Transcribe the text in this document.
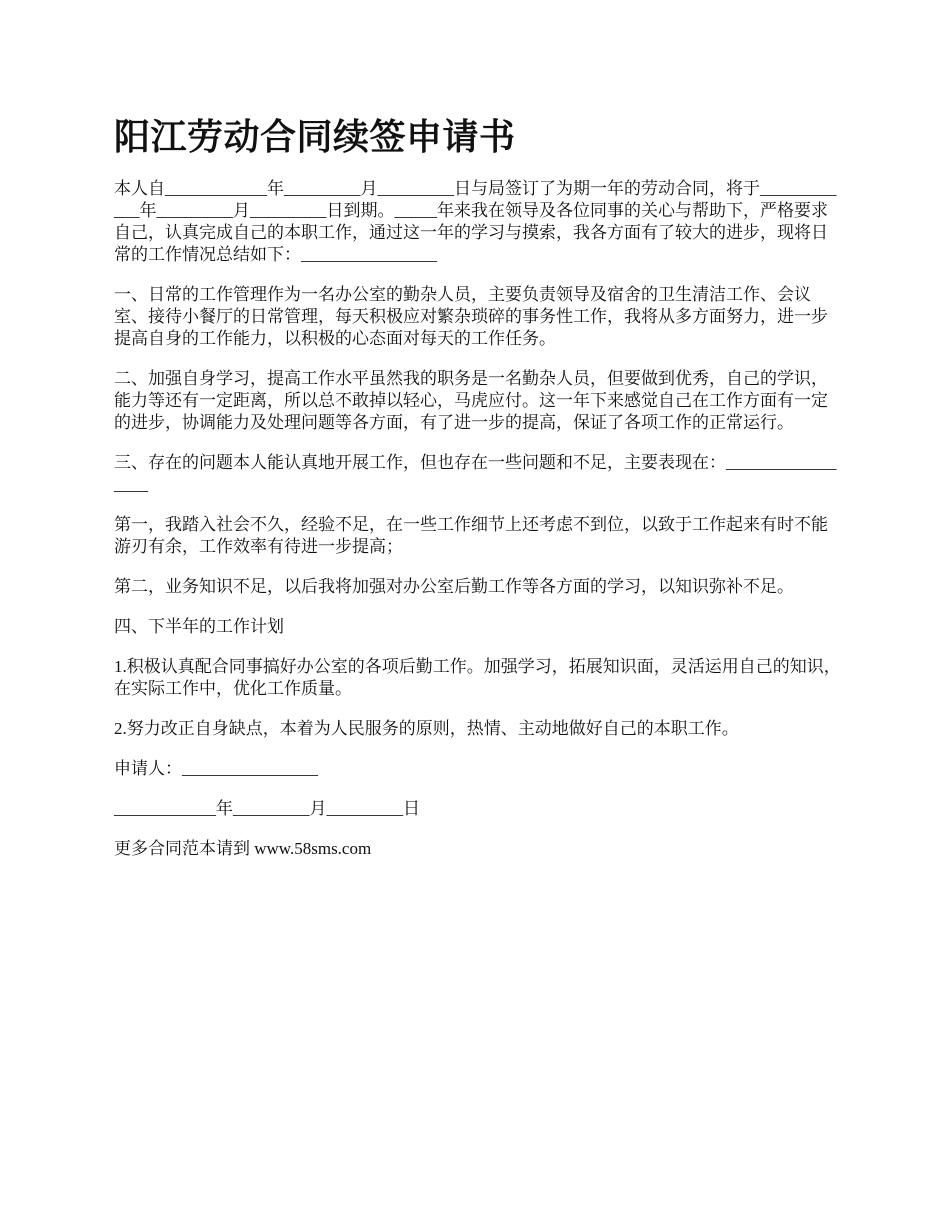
阳江劳动合同续签申请书

本人自____________年_________月_________日与局签订了为期一年的劳动合同，将于____________年_________月_________日到期。_____年来我在领导及各位同事的关心与帮助下，严格要求自己，认真完成自己的本职工作，通过这一年的学习与摸索，我各方面有了较大的进步，现将日常的工作情况总结如下：________________

一、日常的工作管理作为一名办公室的勤杂人员，主要负责领导及宿舍的卫生清洁工作、会议室、接待小餐厅的日常管理，每天积极应对繁杂琐碎的事务性工作，我将从多方面努力，进一步提高自身的工作能力，以积极的心态面对每天的工作任务。

二、加强自身学习，提高工作水平虽然我的职务是一名勤杂人员，但要做到优秀，自己的学识，能力等还有一定距离，所以总不敢掉以轻心，马虎应付。这一年下来感觉自己在工作方面有一定的进步，协调能力及处理问题等各方面，有了进一步的提高，保证了各项工作的正常运行。

三、存在的问题本人能认真地开展工作，但也存在一些问题和不足，主要表现在：_________________

第一，我踏入社会不久，经验不足，在一些工作细节上还考虑不到位，以致于工作起来有时不能游刃有余，工作效率有待进一步提高；

第二，业务知识不足，以后我将加强对办公室后勤工作等各方面的学习，以知识弥补不足。

四、下半年的工作计划

1.积极认真配合同事搞好办公室的各项后勤工作。加强学习，拓展知识面，灵活运用自己的知识，在实际工作中，优化工作质量。

2.努力改正自身缺点，本着为人民服务的原则，热情、主动地做好自己的本职工作。

申请人：________________

____________年_________月_________日

更多合同范本请到 www.58sms.com
